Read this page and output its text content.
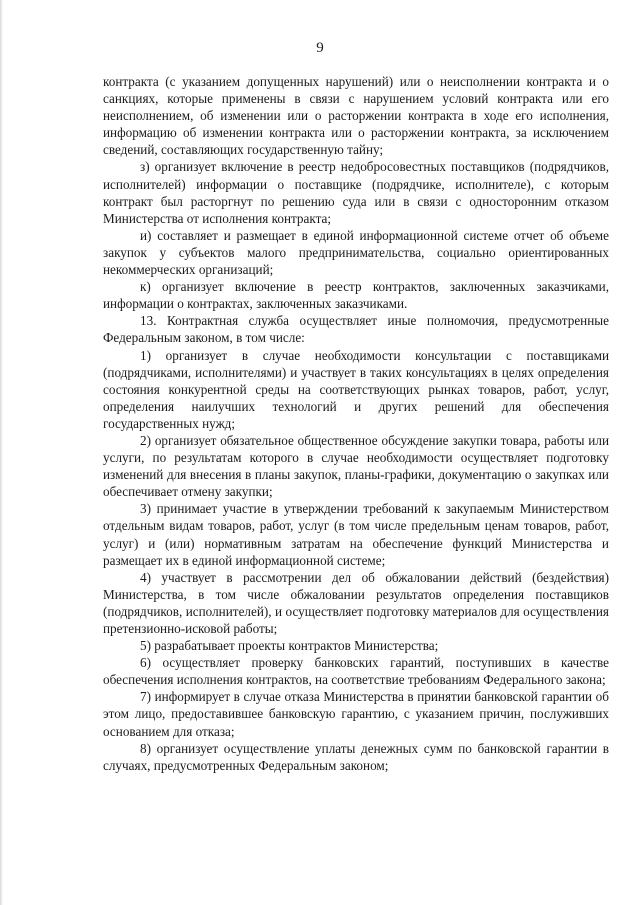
9

контракта (с указанием допущенных нарушений) или о неисполнении контракта и о санкциях, которые применены в связи с нарушением условий контракта или его неисполнением, об изменении или о расторжении контракта в ходе его исполнения, информацию об изменении контракта или о расторжении контракта, за исключением сведений, составляющих государственную тайну;

з) организует включение в реестр недобросовестных поставщиков (подрядчиков, исполнителей) информации о поставщике (подрядчике, исполнителе), с которым контракт был расторгнут по решению суда или в связи с односторонним отказом Министерства от исполнения контракта;

и) составляет и размещает в единой информационной системе отчет об объеме закупок у субъектов малого предпринимательства, социально ориентированных некоммерческих организаций;

к) организует включение в реестр контрактов, заключенных заказчиками, информации о контрактах, заключенных заказчиками.

13. Контрактная служба осуществляет иные полномочия, предусмотренные Федеральным законом, в том числе:

1) организует в случае необходимости консультации с поставщиками (подрядчиками, исполнителями) и участвует в таких консультациях в целях определения состояния конкурентной среды на соответствующих рынках товаров, работ, услуг, определения наилучших технологий и других решений для обеспечения государственных нужд;

2) организует обязательное общественное обсуждение закупки товара, работы или услуги, по результатам которого в случае необходимости осуществляет подготовку изменений для внесения в планы закупок, планы-графики, документацию о закупках или обеспечивает отмену закупки;

3) принимает участие в утверждении требований к закупаемым Министерством отдельным видам товаров, работ, услуг (в том числе предельным ценам товаров, работ, услуг) и (или) нормативным затратам на обеспечение функций Министерства и размещает их в единой информационной системе;

4) участвует в рассмотрении дел об обжаловании действий (бездействия) Министерства, в том числе обжаловании результатов определения поставщиков (подрядчиков, исполнителей), и осуществляет подготовку материалов для осуществления претензионно-исковой работы;

5) разрабатывает проекты контрактов Министерства;

6) осуществляет проверку банковских гарантий, поступивших в качестве обеспечения исполнения контрактов, на соответствие требованиям Федерального закона;

7) информирует в случае отказа Министерства в принятии банковской гарантии об этом лицо, предоставившее банковскую гарантию, с указанием причин, послуживших основанием для отказа;

8) организует осуществление уплаты денежных сумм по банковской гарантии в случаях, предусмотренных Федеральным законом;
